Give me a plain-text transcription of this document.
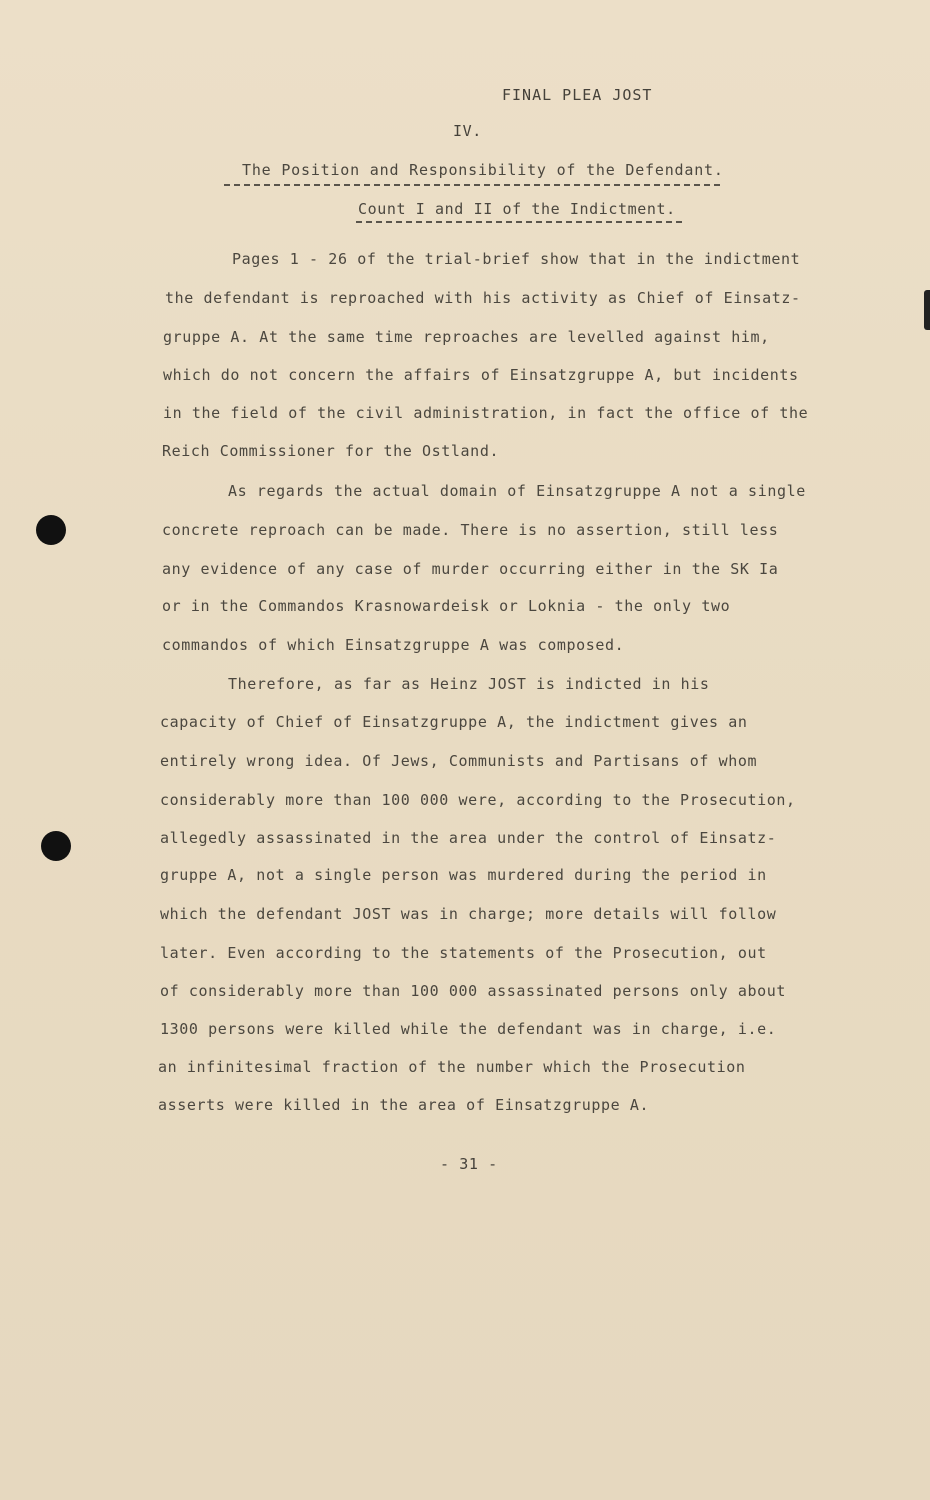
FINAL PLEA JOST
IV.
The Position and Responsibility of the Defendant.
Count I and II of the Indictment.
Pages 1 - 26 of the trial-brief show that in the indictment
the defendant is reproached with his activity as Chief of Einsatz-
gruppe A. At the same time reproaches are levelled against him,
which do not concern the affairs of Einsatzgruppe A, but incidents
in the field of the civil administration, in fact the office of the
Reich Commissioner for the Ostland.
As regards the actual domain of Einsatzgruppe A not a single
concrete reproach can be made. There is no assertion, still less
any evidence of any case of murder occurring either in the SK Ia
or in the Commandos Krasnowardeisk or Loknia - the only two
commandos of which Einsatzgruppe A was composed.
Therefore, as far as Heinz JOST is indicted in his
capacity of Chief of Einsatzgruppe A, the indictment gives an
entirely wrong idea. Of Jews, Communists and Partisans of whom
considerably more than 100 000 were, according to the Prosecution,
allegedly assassinated in the area under the control of Einsatz-
gruppe A, not a single person was murdered during the period in
which the defendant JOST was in charge; more details will follow
later. Even according to the statements of the Prosecution, out
of considerably more than 100 000 assassinated persons only about
1300 persons were killed while the defendant was in charge, i.e.
an infinitesimal fraction of the number which the Prosecution
asserts were killed in the area of Einsatzgruppe A.
- 31 -
